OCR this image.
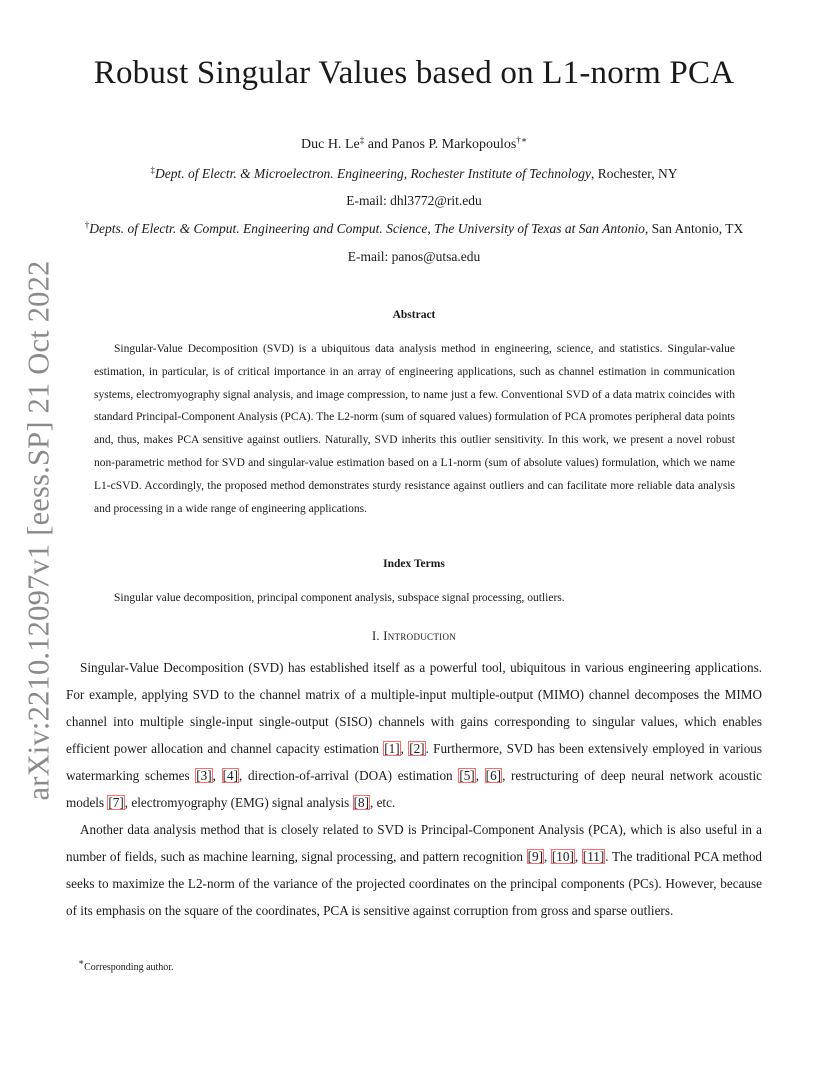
arXiv:2210.12097v1 [eess.SP] 21 Oct 2022
Robust Singular Values based on L1-norm PCA
Duc H. Le‡ and Panos P. Markopoulos†∗
‡Dept. of Electr. & Microelectron. Engineering, Rochester Institute of Technology, Rochester, NY
E-mail: dhl3772@rit.edu
†Depts. of Electr. & Comput. Engineering and Comput. Science, The University of Texas at San Antonio, San Antonio, TX
E-mail: panos@utsa.edu
Abstract

Singular-Value Decomposition (SVD) is a ubiquitous data analysis method in engineering, science, and statistics. Singular-value estimation, in particular, is of critical importance in an array of engineering applications, such as channel estimation in communication systems, electromyography signal analysis, and image compression, to name just a few. Conventional SVD of a data matrix coincides with standard Principal-Component Analysis (PCA). The L2-norm (sum of squared values) formulation of PCA promotes peripheral data points and, thus, makes PCA sensitive against outliers. Naturally, SVD inherits this outlier sensitivity. In this work, we present a novel robust non-parametric method for SVD and singular-value estimation based on a L1-norm (sum of absolute values) formulation, which we name L1-cSVD. Accordingly, the proposed method demonstrates sturdy resistance against outliers and can facilitate more reliable data analysis and processing in a wide range of engineering applications.

Index Terms

Singular value decomposition, principal component analysis, subspace signal processing, outliers.

I. Introduction

Singular-Value Decomposition (SVD) has established itself as a powerful tool, ubiquitous in various engineering applications. For example, applying SVD to the channel matrix of a multiple-input multiple-output (MIMO) channel decomposes the MIMO channel into multiple single-input single-output (SISO) channels with gains corresponding to singular values, which enables efficient power allocation and channel capacity estimation [1], [2]. Furthermore, SVD has been extensively employed in various watermarking schemes [3], [4], direction-of-arrival (DOA) estimation [5], [6], restructuring of deep neural network acoustic models [7], electromyography (EMG) signal analysis [8], etc.

Another data analysis method that is closely related to SVD is Principal-Component Analysis (PCA), which is also useful in a number of fields, such as machine learning, signal processing, and pattern recognition [9], [10], [11]. The traditional PCA method seeks to maximize the L2-norm of the variance of the projected coordinates on the principal components (PCs). However, because of its emphasis on the square of the coordinates, PCA is sensitive against corruption from gross and sparse outliers.

∗Corresponding author.
